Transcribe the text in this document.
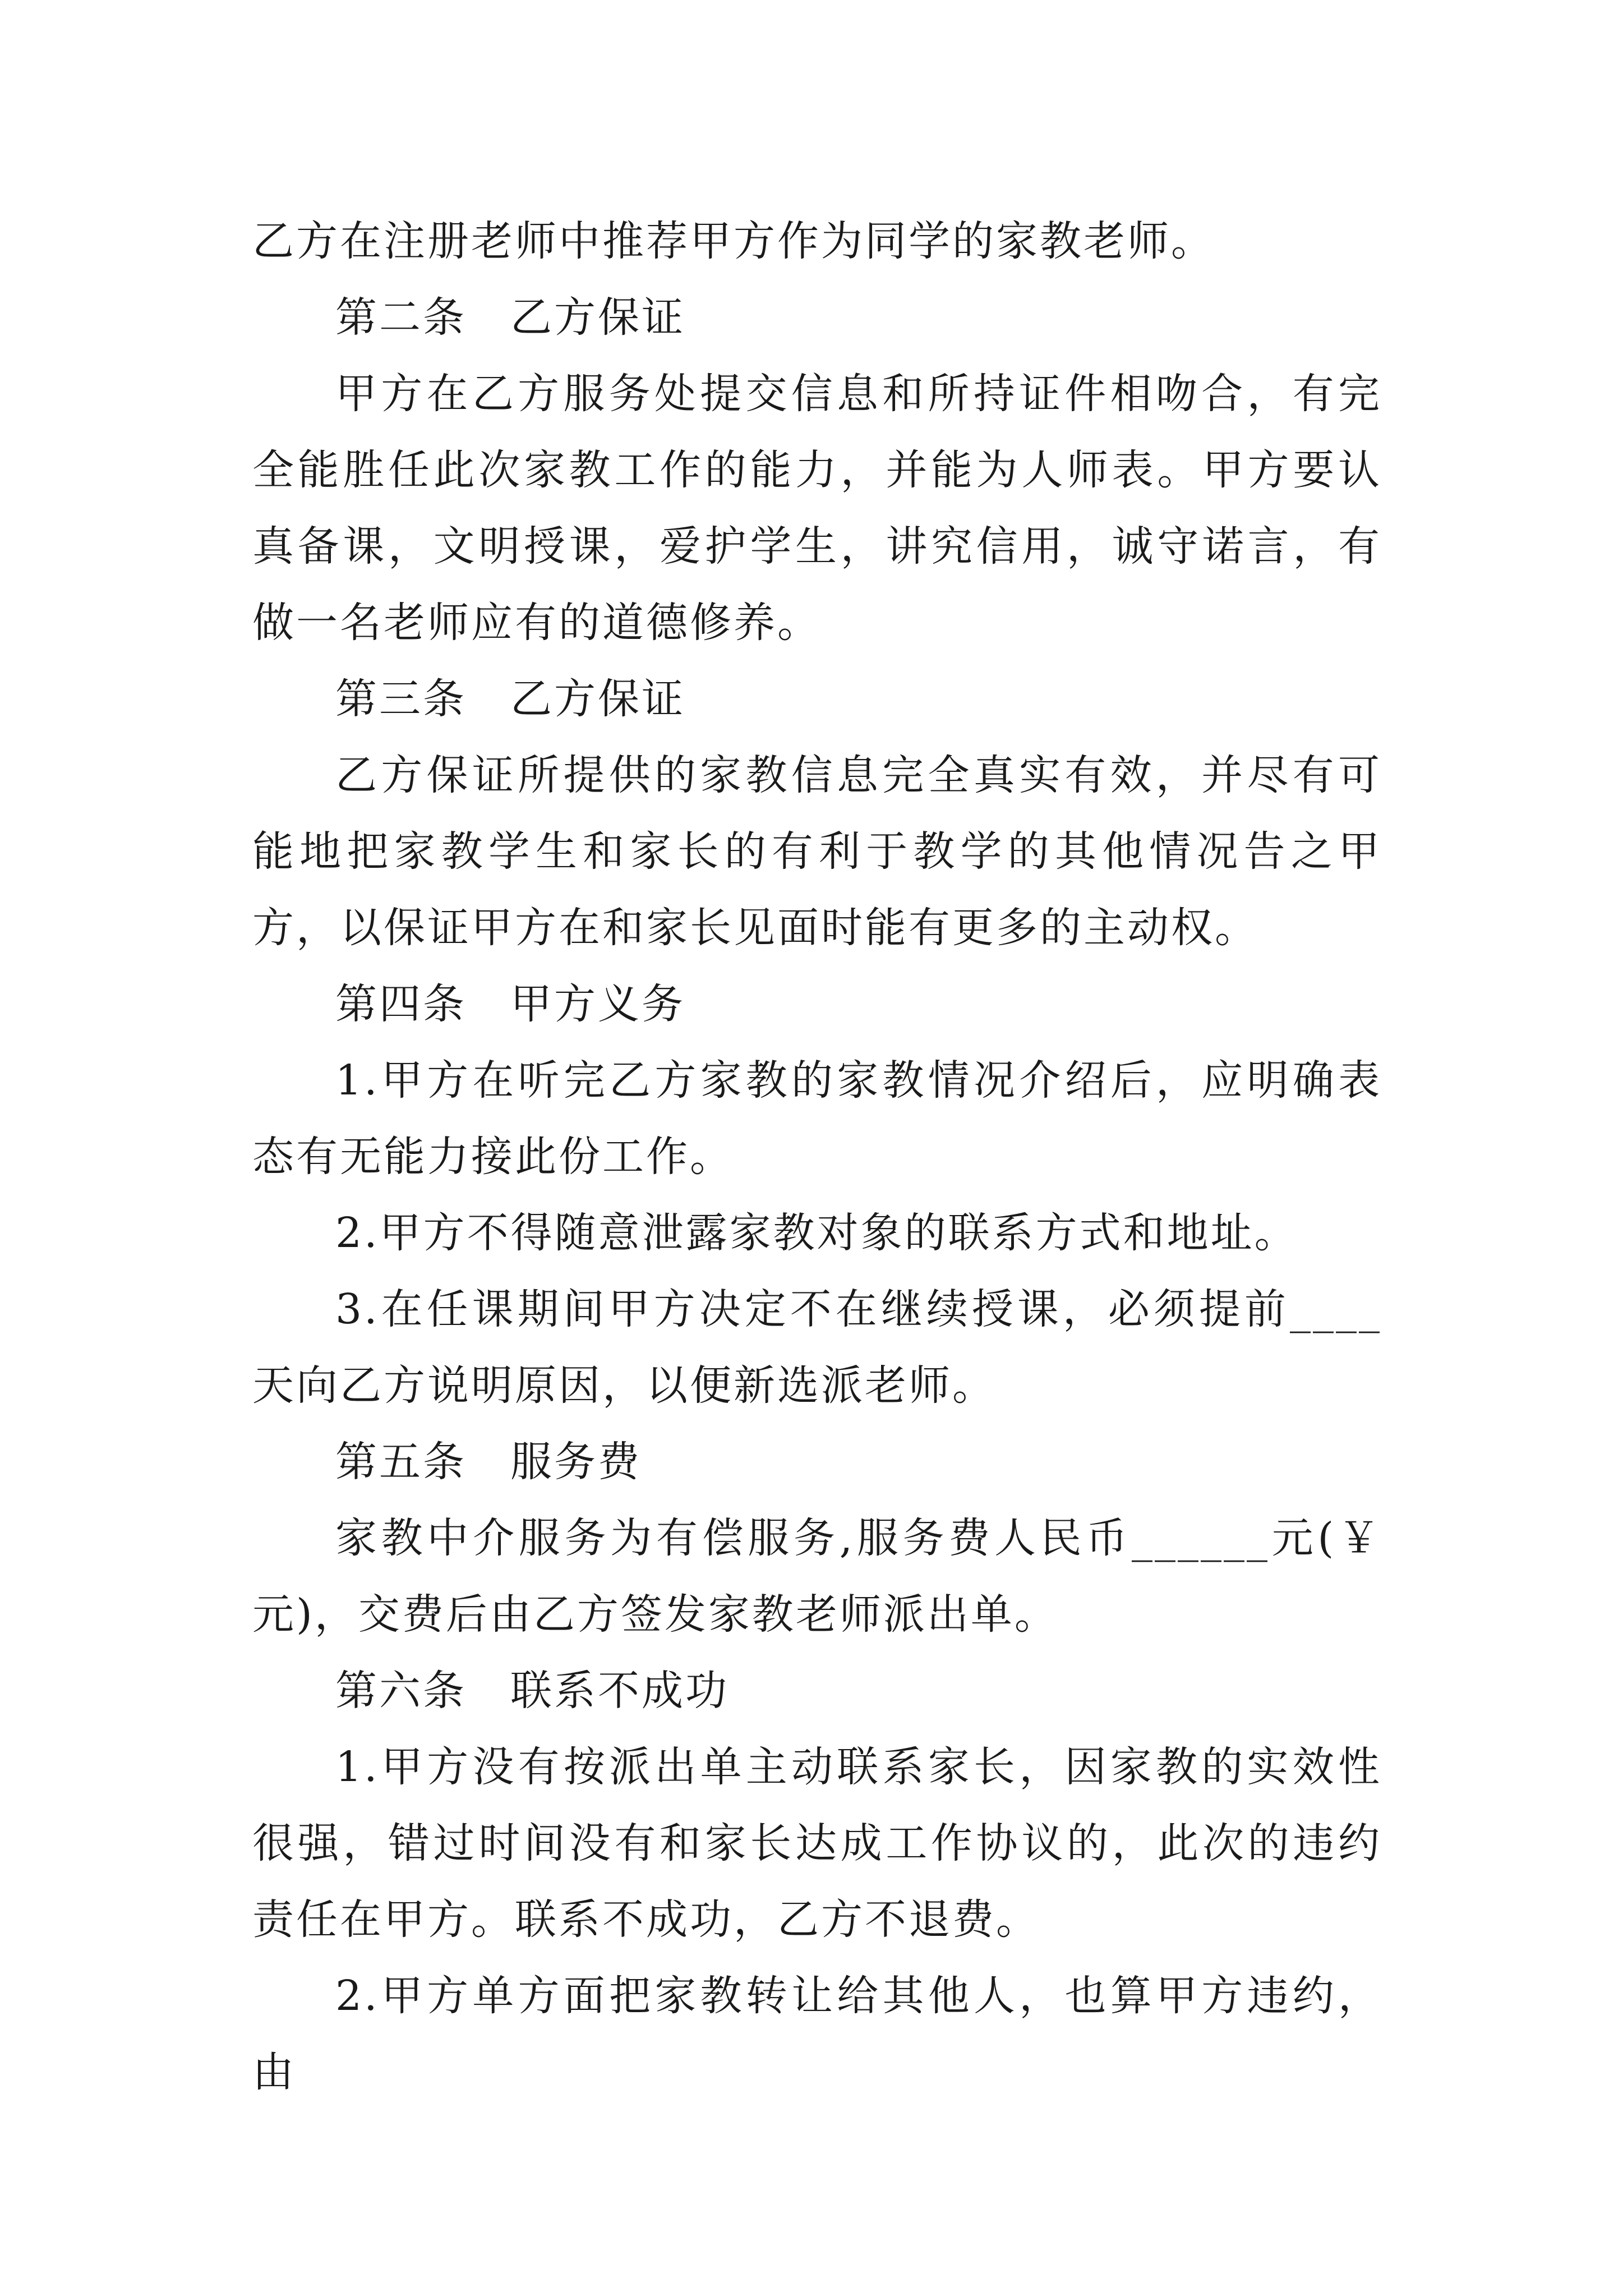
乙方在注册老师中推荐甲方作为同学的家教老师。

第二条　乙方保证

甲方在乙方服务处提交信息和所持证件相吻合，有完全能胜任此次家教工作的能力，并能为人师表。甲方要认真备课，文明授课，爱护学生，讲究信用，诚守诺言，有做一名老师应有的道德修养。

第三条　乙方保证

乙方保证所提供的家教信息完全真实有效，并尽有可能地把家教学生和家长的有利于教学的其他情况告之甲方，以保证甲方在和家长见面时能有更多的主动权。

第四条　甲方义务

1.甲方在听完乙方家教的家教情况介绍后，应明确表态有无能力接此份工作。

2.甲方不得随意泄露家教对象的联系方式和地址。

3.在任课期间甲方决定不在继续授课，必须提前____天向乙方说明原因，以便新选派老师。

第五条　服务费

家教中介服务为有偿服务,服务费人民币______元(￥ 元)，交费后由乙方签发家教老师派出单。

第六条　联系不成功

1.甲方没有按派出单主动联系家长，因家教的实效性很强，错过时间没有和家长达成工作协议的，此次的违约责任在甲方。联系不成功，乙方不退费。

2.甲方单方面把家教转让给其他人，也算甲方违约，由
